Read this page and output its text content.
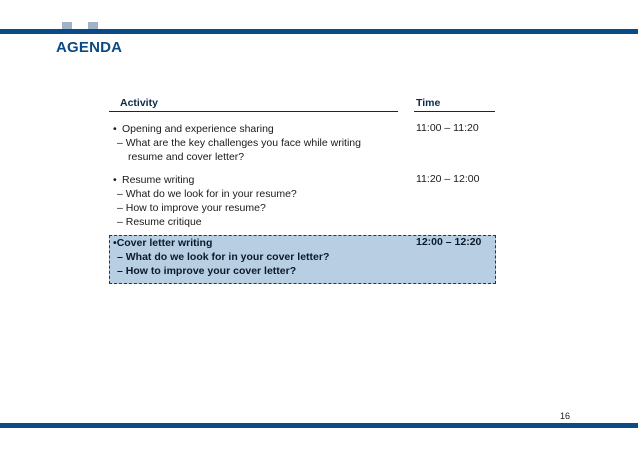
AGENDA
Activity	Time
• Opening and experience sharing
– What are the key challenges you face while writing
resume and cover letter?
11:00 – 11:20
• Resume writing
– What do we look for in your resume?
– How to improve your resume?
– Resume critique
11:20 – 12:00
•Cover letter writing
– What do we look for in your cover letter?
– How to improve your cover letter?
12:00 – 12:20
16
